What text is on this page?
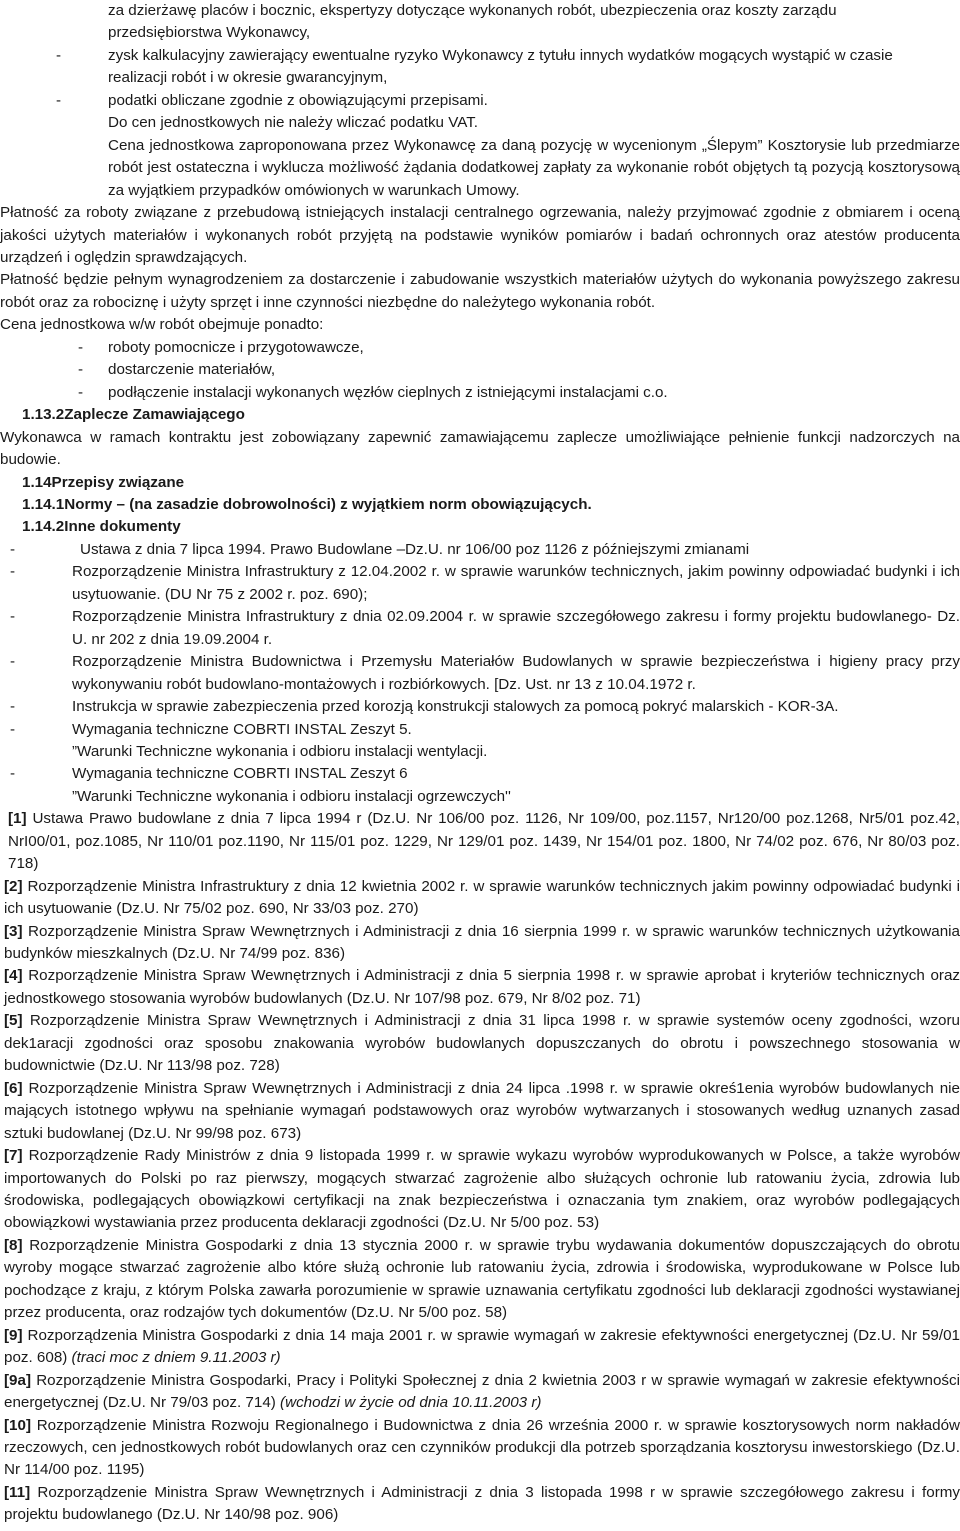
za dzierżawę placów i bocznic, ekspertyzy dotyczące wykonanych robót, ubezpieczenia oraz koszty zarządu

przedsiębiorstwa Wykonawcy,

-	zysk kalkulacyjny zawierający ewentualne ryzyko Wykonawcy z tytułu innych wydatków mogących wystąpić w czasie

realizacji robót i w okresie gwarancyjnym,

-	podatki obliczane zgodnie z obowiązującymi przepisami.

Do cen jednostkowych nie należy wliczać podatku VAT.

Cena jednostkowa zaproponowana przez Wykonawcę za daną pozycję w wycenionym „Ślepym” Kosztorysie lub przedmiarze robót jest ostateczna i wyklucza możliwość żądania dodatkowej zapłaty za wykonanie robót objętych tą pozycją kosztorysową za wyjątkiem przypadków omówionych w warunkach Umowy.

Płatność za roboty związane z przebudową istniejących instalacji centralnego ogrzewania, należy przyjmować zgodnie z obmiarem i oceną jakości użytych materiałów i wykonanych robót przyjętą na podstawie wyników pomiarów i badań ochronnych oraz atestów producenta urządzeń i oględzin sprawdzających.

Płatność będzie pełnym wynagrodzeniem za dostarczenie i zabudowanie wszystkich materiałów użytych do wykonania powyższego zakresu robót oraz za robociznę i użyty sprzęt i inne czynności niezbędne do należytego wykonania robót.

Cena jednostkowa w/w robót obejmuje ponadto:

- roboty pomocnicze i przygotowawcze,

- dostarczenie materiałów,

- podłączenie instalacji wykonanych węzłów cieplnych z istniejącymi instalacjami c.o.

1.13.2Zaplecze Zamawiającego

Wykonawca w ramach kontraktu jest zobowiązany zapewnić zamawiającemu zaplecze umożliwiające pełnienie funkcji nadzorczych na budowie.

1.14Przepisy związane

1.14.1Normy – (na zasadzie dobrowolności) z wyjątkiem norm obowiązujących.

1.14.2Inne dokumenty

-	Ustawa z dnia 7 lipca 1994. Prawo Budowlane –Dz.U. nr 106/00 poz 1126 z późniejszymi zmianami
-	Rozporządzenie Ministra Infrastruktury z 12.04.2002 r. w sprawie warunków technicznych, jakim powinny odpowiadać budynki i ich usytuowanie. (DU Nr 75 z 2002 r. poz. 690);
-	Rozporządzenie Ministra Infrastruktury z dnia 02.09.2004 r. w sprawie szczegółowego zakresu i formy projektu budowlanego- Dz. U. nr 202 z dnia 19.09.2004 r.
-	Rozporządzenie Ministra Budownictwa i Przemysłu Materiałów Budowlanych w sprawie bezpieczeństwa i higieny pracy przy wykonywaniu robót budowlano-montażowych i rozbiórkowych. [Dz. Ust. nr 13 z 10.04.1972 r.
-	Instrukcja w sprawie zabezpieczenia przed korozją konstrukcji stalowych za pomocą pokryć malarskich - KOR-3A.
-	Wymagania techniczne COBRTI INSTAL Zeszyt 5.
”Warunki Techniczne wykonania i odbioru instalacji wentylacji.
-	Wymagania techniczne COBRTI INSTAL Zeszyt 6
”Warunki Techniczne wykonania i odbioru instalacji ogrzewczych''

[1] Ustawa Prawo budowlane z dnia 7 lipca 1994 r (Dz.U. Nr 106/00 poz. 1126, Nr 109/00, poz.1157, Nr120/00 poz.1268, Nr5/01 poz.42, NrI00/01, poz.1085, Nr 110/01 poz.1190, Nr 115/01 poz. 1229, Nr 129/01 poz. 1439, Nr 154/01 poz. 1800, Nr 74/02 poz. 676, Nr 80/03 poz. 718)

[2] Rozporządzenie Ministra Infrastruktury z dnia 12 kwietnia 2002 r. w sprawie warunków technicznych jakim powinny odpowiadać budynki i ich usytuowanie (Dz.U. Nr 75/02 poz. 690, Nr 33/03 poz. 270)

[3] Rozporządzenie Ministra Spraw Wewnętrznych i Administracji z dnia 16 sierpnia 1999 r. w sprawic warunków technicznych użytkowania budynków mieszkalnych (Dz.U. Nr 74/99 poz. 836)

[4] Rozporządzenie Ministra Spraw Wewnętrznych i Administracji z dnia 5 sierpnia 1998 r. w sprawie aprobat i kryteriów technicznych oraz jednostkowego stosowania wyrobów budowlanych (Dz.U. Nr 107/98 poz. 679, Nr 8/02 poz. 71)

[5] Rozporządzenie Ministra Spraw Wewnętrznych i Administracji z dnia 31 lipca 1998 r. w sprawie systemów oceny zgodności, wzoru dek1aracji zgodności oraz sposobu znakowania wyrobów budowlanych dopuszczanych do obrotu i powszechnego stosowania w budownictwie (Dz.U. Nr 113/98 poz. 728)

[6] Rozporządzenie Ministra Spraw Wewnętrznych i Administracji z dnia 24 lipca .1998 r. w sprawie okreś1enia wyrobów budowlanych nie mających istotnego wpływu na spełnianie wymagań podstawowych oraz wyrobów wytwarzanych i stosowanych według uznanych zasad sztuki budowlanej (Dz.U. Nr 99/98 poz. 673)

[7] Rozporządzenie Rady Ministrów z dnia 9 listopada 1999 r. w sprawie wykazu wyrobów wyprodukowanych w Polsce, a także wyrobów importowanych do Polski po raz pierwszy, mogących stwarzać zagrożenie albo służących ochronie lub ratowaniu życia, zdrowia lub środowiska, podlegających obowiązkowi certyfikacji na znak bezpieczeństwa i oznaczania tym znakiem, oraz wyrobów podlegających obowiązkowi wystawiania przez producenta deklaracji zgodności (Dz.U. Nr 5/00 poz. 53)

[8] Rozporządzenie Ministra Gospodarki z dnia 13 stycznia 2000 r. w sprawie trybu wydawania dokumentów dopuszczających do obrotu wyroby mogące stwarzać zagrożenie albo które służą ochronie lub ratowaniu życia, zdrowia i środowiska, wyprodukowane w Polsce lub pochodzące z kraju, z którym Polska zawarła porozumienie w sprawie uznawania certyfikatu zgodności lub deklaracji zgodności wystawianej przez producenta, oraz rodzajów tych dokumentów (Dz.U. Nr 5/00 poz. 58)

[9] Rozporządzenia Ministra Gospodarki z dnia 14 maja 2001 r. w sprawie wymagań w zakresie efektywności energetycznej (Dz.U. Nr 59/01 poz. 608) (traci moc z dniem 9.11.2003 r)

[9a] Rozporządzenie Ministra Gospodarki, Pracy i Polityki Społecznej z dnia 2 kwietnia 2003 r w sprawie wymagań w zakresie efektywności energetycznej (Dz.U. Nr 79/03 poz. 714) (wchodzi w życie od dnia 10.11.2003 r)

[10] Rozporządzenie Ministra Rozwoju Regionalnego i Budownictwa z dnia 26 września 2000 r. w sprawie kosztorysowych norm nakładów rzeczowych, cen jednostkowych robót budowlanych oraz cen czynników produkcji dla potrzeb sporządzania kosztorysu inwestorskiego (Dz.U. Nr 114/00 poz. 1195)

[11] Rozporządzenie Ministra Spraw Wewnętrznych i Administracji z dnia 3 listopada 1998 r w sprawie szczegółowego zakresu i formy projektu budowlanego (Dz.U. Nr 140/98 poz. 906)
